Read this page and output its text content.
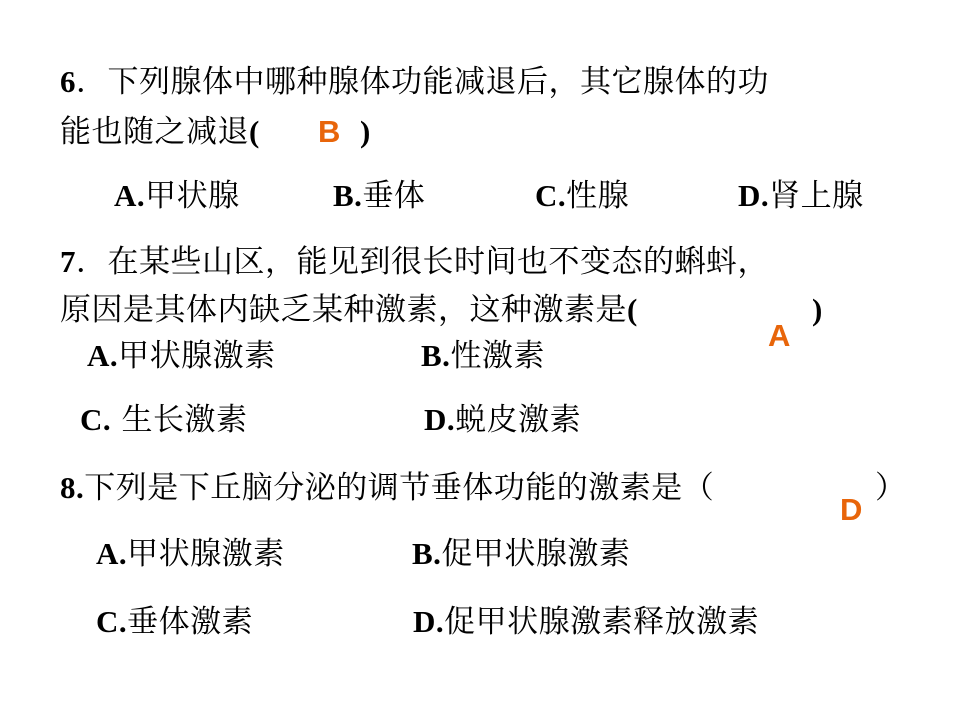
6．下列腺体中哪种腺体功能减退后，其它腺体的功
能也随之减退(	)
B
A.甲状腺	B.垂体	C.性腺	D.肾上腺
7．在某些山区，能见到很长时间也不变态的蝌蚪，
原因是其体内缺乏某种激素，这种激素是(	)
A
A.甲状腺激素	B.性激素
C. 生长激素	D.蜕皮激素
8.下列是下丘脑分泌的调节垂体功能的激素是（	）
D
A.甲状腺激素	B.促甲状腺激素
C.垂体激素	D.促甲状腺激素释放激素
